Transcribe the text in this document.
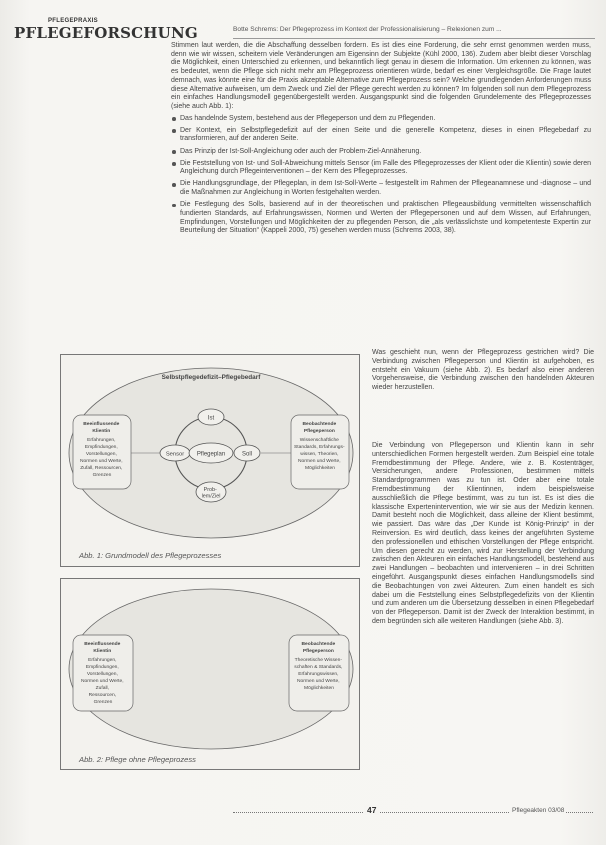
PFLEGEPRAXIS
PFLEGEFORSCHUNG	Botte Schrems: Der Pflegeprozess im Kontext der Professionalisierung – Relexionen zum ...

Stimmen laut werden, die die Abschaffung desselben fordern. Es ist dies eine Forderung, die sehr ernst genommen werden muss, denn wie wir wissen, scheitern viele Veränderungen am Eigensinn der Subjekte (Kühl 2000, 136). Zudem aber bleibt dieser Vorschlag die Möglichkeit, einen Unterschied zu erkennen, und bekanntlich liegt genau in diesem die Information. Um erkennen zu können, was es bedeutet, wenn die Pflege sich nicht mehr am Pflegeprozess orientieren würde, bedarf es einer Vergleichsgröße. Die Frage lautet demnach, was könnte eine für die Praxis akzeptable Alternative zum Pflegeprozess sein? Welche grundlegenden Anforderungen muss diese Alternative aufweisen, um dem Zweck und Ziel der Pflege gerecht werden zu können? Im folgenden soll nun dem Pflegeprozess ein einfaches Handlungsmodell gegenübergestellt werden. Ausgangspunkt sind die folgenden Grundelemente des Pflegeprozesses (siehe auch Abb. 1):

Das handelnde System, bestehend aus der Pflegeperson und dem zu Pflegenden.
Der Kontext, ein Selbstpflegedefizit auf der einen Seite und die generelle Kompetenz, dieses in einen Pflegebedarf zu transformieren, auf der anderen Seite.
Das Prinzip der Ist-Soll-Angleichung oder auch der Problem-Ziel-Annäherung.
Die Feststellung von Ist- und Soll-Abweichung mittels Sensor (im Falle des Pflegeprozesses der Klient oder die Klientin) sowie deren Angleichung durch Pflegeinterventionen – der Kern des Pflegeprozesses.
Die Handlungsgrundlage, der Pflegeplan, in dem Ist-Soll-Werte – festgestellt im Rahmen der Pflegeanamnese und -diagnose – und die Maßnahmen zur Angleichung in Worten festgehalten werden.
Die Festlegung des Solls, basierend auf in der theoretischen und praktischen Pflegeausbildung vermittelten wissenschaftlich fundierten Standards, auf Erfahrungswissen, Normen und Werten der Pflegepersonen und auf dem Wissen, auf Erfahrungen, Empfindungen, Vorstellungen und Möglichkeiten der zu pflegenden Person, die „als verlässlichste und kompetenteste Expertin zur Beurteilung der Situation“ (Kappeli 2000, 75) gesehen werden muss (Schrems 2003, 38).
Selbstpflegedefizit–Pflegebedarf
Beeinflussende Klientin Erfahrungen, Empfindungen, Vorstellungen, Normen und Werte, Zufall, Ressourcen, Grenzen
Beobachtende Pflegeperson Wissenschaftliche Standards, Erfahrungs- wissen, Theorien, Normen und Werte, Möglichkeiten
Ist
Sensor Pflegeplan	Soll
Prob- lem/Ziel
Abb. 1: Grundmodell des Pflegeprozesses
Beeinflussende Klientin Erfahrungen, Empfindungen, Vorstellungen, Normen und Werte, Zufall, Ressourcen, Grenzen
Beobachtende Pflegeperson Theoretische Wissen- schaften & Standards, Erfahrungswissen, Normen und Werte, Möglichkeiten
Abb. 2: Pflege ohne Pflegeprozess
Was geschieht nun, wenn der Pflegeprozess gestrichen wird? Die Verbindung zwischen Pflegeperson und Klientin ist aufgehoben, es entsteht ein Vakuum (siehe Abb. 2). Es bedarf also einer anderen Vorgehensweise, die Verbindung zwischen den handelnden Akteuren wieder herzustellen.
Die Verbindung von Pflegeperson und Klientin kann in sehr unterschiedlichen Formen hergestellt werden. Zum Beispiel eine totale Fremdbestimmung der Pflege. Andere, wie z. B. Kostenträger, Versicherungen, andere Professionen, bestimmen mittels Standardprogrammen was zu tun ist. Oder aber eine totale Fremdbestimmung der Klientinnen, indem beispielsweise ausschließlich die Pflege bestimmt, was zu tun ist. Es ist dies die klassische Expertenintervention, wie wir sie aus der Medizin kennen. Damit besteht noch die Möglichkeit, dass alleine der Klient bestimmt, wie passiert. Das wäre das „Der Kunde ist König-Prinzip“ in der Reinversion. Es wird deutlich, dass keines der angeführten Systeme den professionellen und ethischen Vorstellungen der Pflege entspricht. Um diesen gerecht zu werden, wird zur Herstellung der Verbindung zwischen den Akteuren ein einfaches Handlungsmodell, bestehend aus zwei Handlungen – beobachten und intervenieren – in drei Schritten eingeführt. Ausgangspunkt dieses einfachen Handlungsmodells sind die Beobachtungen von zwei Akteuren. Zum einen handelt es sich dabei um die Feststellung eines Selbstpflegedefizits von der Klientin und zum anderen um die Übersetzung desselben in einen Pflegebedarf von der Pflegeperson. Damit ist der Zweck der Interaktion bestimmt, in dem begründen sich alle weiteren Handlungen (siehe Abb. 3).
47	Pflegeakten 03/08
